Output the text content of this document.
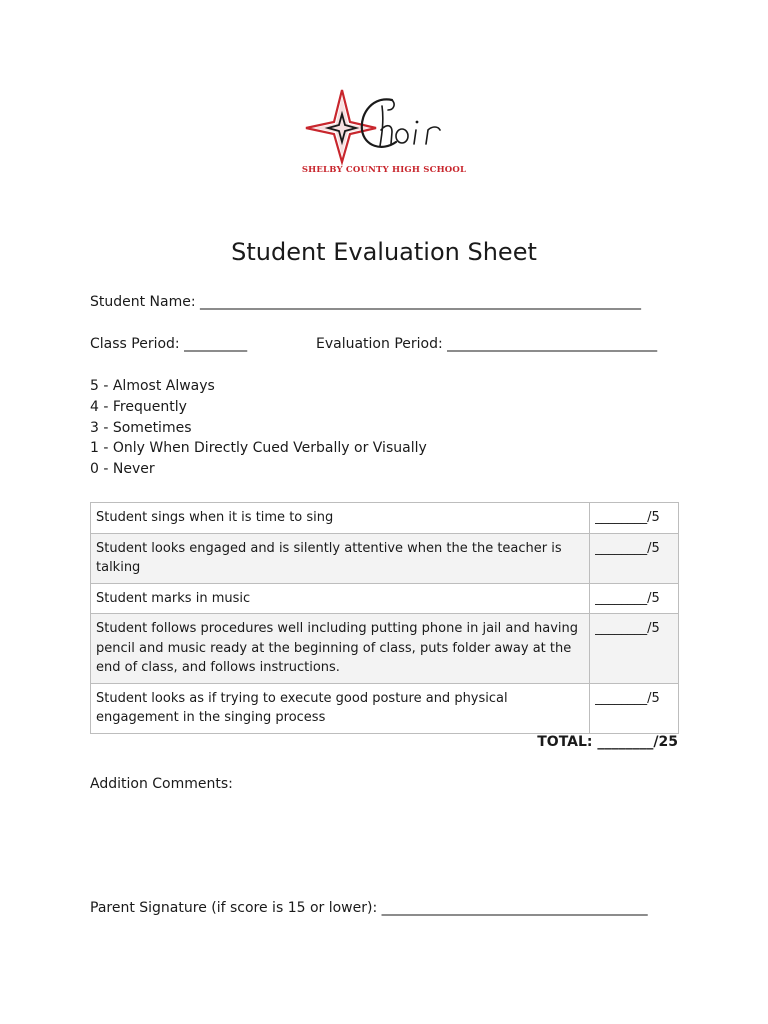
SHELBY COUNTY HIGH SCHOOL
Student Evaluation Sheet
Student Name: _______________________________________________________________
Class Period: _________	Evaluation Period: ______________________________
5 - Almost Always
4 - Frequently
3 - Sometimes
1 - Only When Directly Cued Verbally or Visually
0 - Never
Student sings when it is time to sing	________/5
Student looks engaged and is silently attentive when the the teacher is talking	________/5
Student marks in music	________/5
Student follows procedures well including putting phone in jail and having pencil and music ready at the beginning of class, puts folder away at the end of class, and follows instructions.	________/5
Student looks as if trying to execute good posture and physical engagement in the singing process	________/5
TOTAL: ________/25
Addition Comments:
Parent Signature (if score is 15 or lower): ______________________________________
